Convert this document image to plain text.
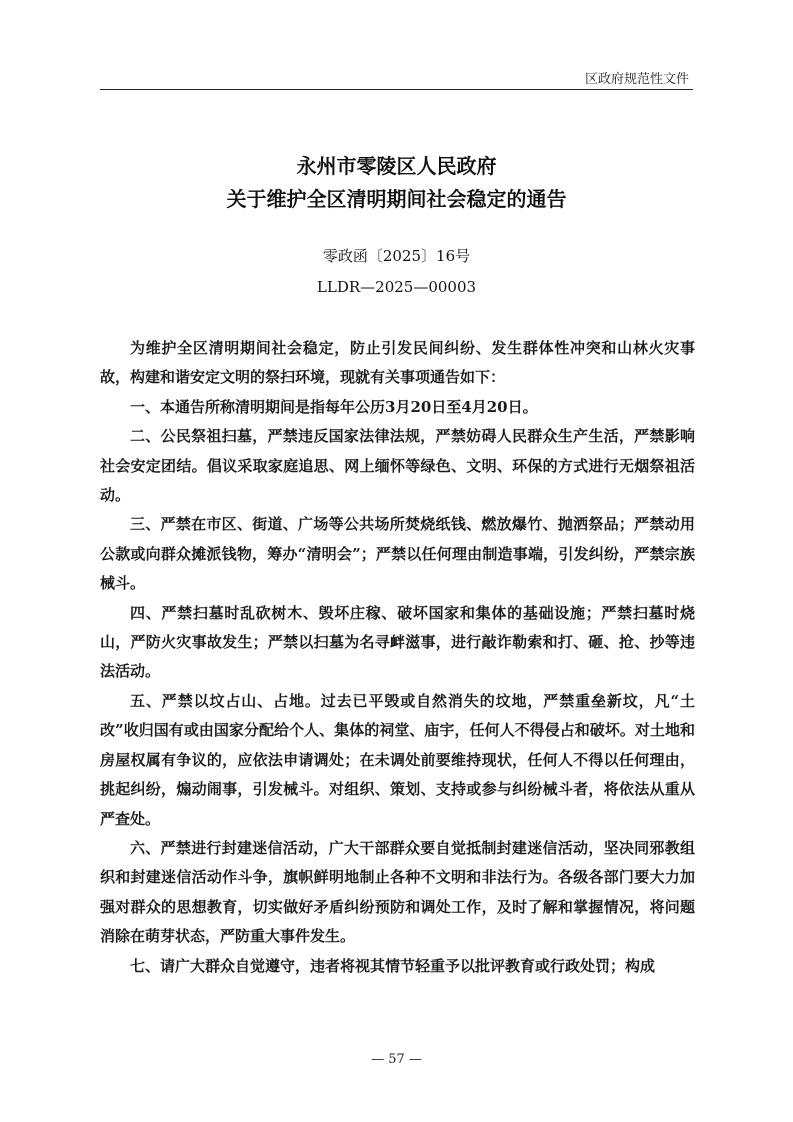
区政府规范性文件
永州市零陵区人民政府
关于维护全区清明期间社会稳定的通告
零政函〔2025〕16号
LLDR—2025—00003

为维护全区清明期间社会稳定，防止引发民间纠纷、发生群体性冲突和山林火灾事故，构建和谐安定文明的祭扫环境，现就有关事项通告如下：

一、本通告所称清明期间是指每年公历3月20日至4月20日。

二、公民祭祖扫墓，严禁违反国家法律法规，严禁妨碍人民群众生产生活，严禁影响社会安定团结。倡议采取家庭追思、网上缅怀等绿色、文明、环保的方式进行无烟祭祖活动。

三、严禁在市区、街道、广场等公共场所焚烧纸钱、燃放爆竹、抛洒祭品；严禁动用公款或向群众摊派钱物，筹办“清明会”；严禁以任何理由制造事端，引发纠纷，严禁宗族械斗。

四、严禁扫墓时乱砍树木、毁坏庄稼、破坏国家和集体的基础设施；严禁扫墓时烧山，严防火灾事故发生；严禁以扫墓为名寻衅滋事，进行敲诈勒索和打、砸、抢、抄等违法活动。

五、严禁以坟占山、占地。过去已平毁或自然消失的坟地，严禁重垒新坟，凡“土改”收归国有或由国家分配给个人、集体的祠堂、庙宇，任何人不得侵占和破坏。对土地和房屋权属有争议的，应依法申请调处；在未调处前要维持现状，任何人不得以任何理由，挑起纠纷，煽动闹事，引发械斗。对组织、策划、支持或参与纠纷械斗者，将依法从重从严查处。

六、严禁进行封建迷信活动，广大干部群众要自觉抵制封建迷信活动，坚决同邪教组织和封建迷信活动作斗争，旗帜鲜明地制止各种不文明和非法行为。各级各部门要大力加强对群众的思想教育，切实做好矛盾纠纷预防和调处工作，及时了解和掌握情况，将问题消除在萌芽状态，严防重大事件发生。

七、请广大群众自觉遵守，违者将视其情节轻重予以批评教育或行政处罚；构成

— 57 —
